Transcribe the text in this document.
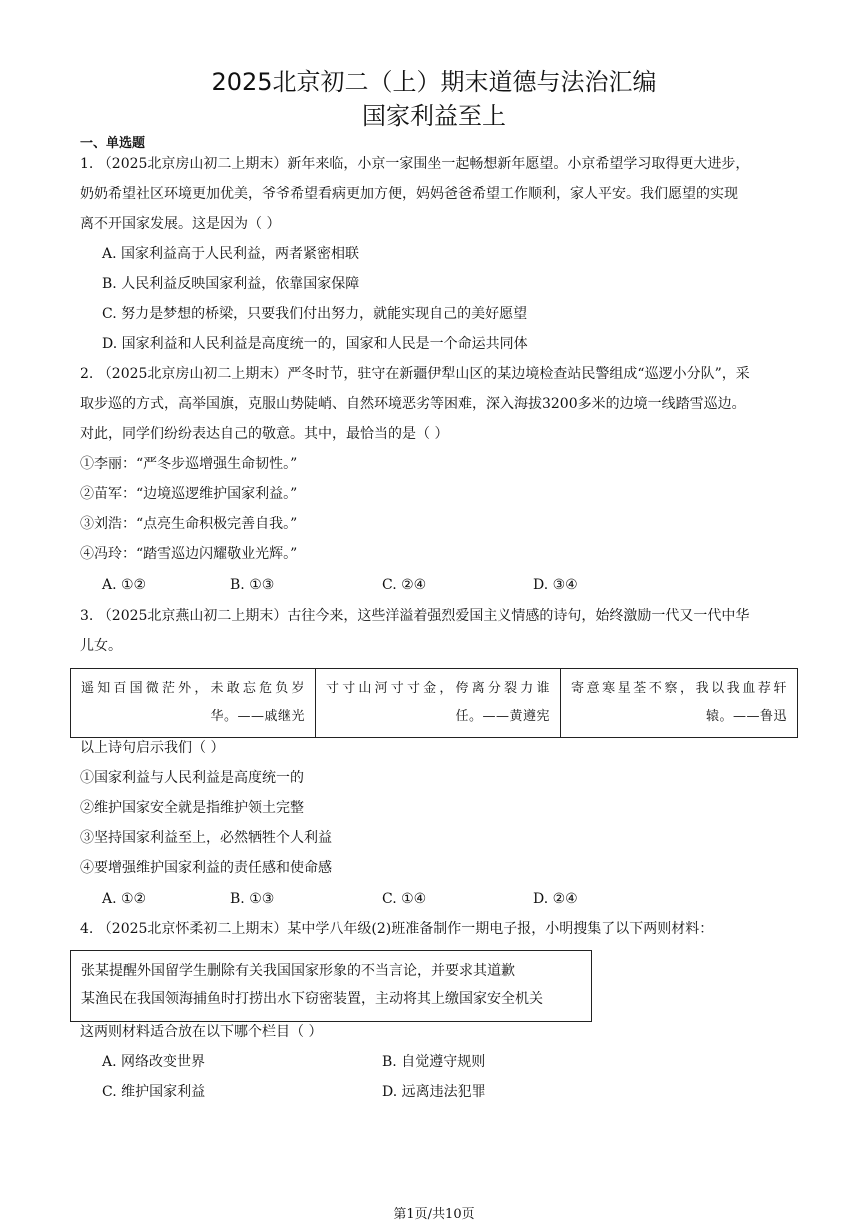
2025北京初二（上）期末道德与法治汇编
国家利益至上
一、单选题
1. （2025北京房山初二上期末）新年来临，小京一家围坐一起畅想新年愿望。小京希望学习取得更大进步，
奶奶希望社区环境更加优美，爷爷希望看病更加方便，妈妈爸爸希望工作顺利，家人平安。我们愿望的实现
离不开国家发展。这是因为（ ）
A. 国家利益高于人民利益，两者紧密相联
B. 人民利益反映国家利益，依靠国家保障
C. 努力是梦想的桥梁，只要我们付出努力，就能实现自己的美好愿望
D. 国家利益和人民利益是高度统一的，国家和人民是一个命运共同体
2. （2025北京房山初二上期末）严冬时节，驻守在新疆伊犁山区的某边境检查站民警组成“巡逻小分队”，采
取步巡的方式，高举国旗，克服山势陡峭、自然环境恶劣等困难，深入海拔3200多米的边境一线踏雪巡边。
对此，同学们纷纷表达自己的敬意。其中，最恰当的是（ ）
①李丽：“严冬步巡增强生命韧性。”
②苗军：“边境巡逻维护国家利益。”
③刘浩：“点亮生命积极完善自我。”
④冯玲：“踏雪巡边闪耀敬业光辉。”
A. ①②	B. ①③	C. ②④	D. ③④
3. （2025北京燕山初二上期末）古往今来，这些洋溢着强烈爱国主义情感的诗句，始终激励一代又一代中华
儿女。
遥知百国微茫外，未敢忘危负岁
华。——戚继光
寸寸山河寸寸金，侉离分裂力谁
任。——黄遵宪
寄意寒星荃不察，我以我血荐轩
辕。——鲁迅
以上诗句启示我们（ ）
①国家利益与人民利益是高度统一的
②维护国家安全就是指维护领土完整
③坚持国家利益至上，必然牺牲个人利益
④要增强维护国家利益的责任感和使命感
A. ①②	B. ①③	C. ①④	D. ②④
4. （2025北京怀柔初二上期末）某中学八年级(2)班准备制作一期电子报，小明搜集了以下两则材料：
张某提醒外国留学生删除有关我国国家形象的不当言论，并要求其道歉
某渔民在我国领海捕鱼时打捞出水下窃密装置，主动将其上缴国家安全机关
这两则材料适合放在以下哪个栏目（ ）
A. 网络改变世界	B. 自觉遵守规则
C. 维护国家利益	D. 远离违法犯罪
第1页/共10页
